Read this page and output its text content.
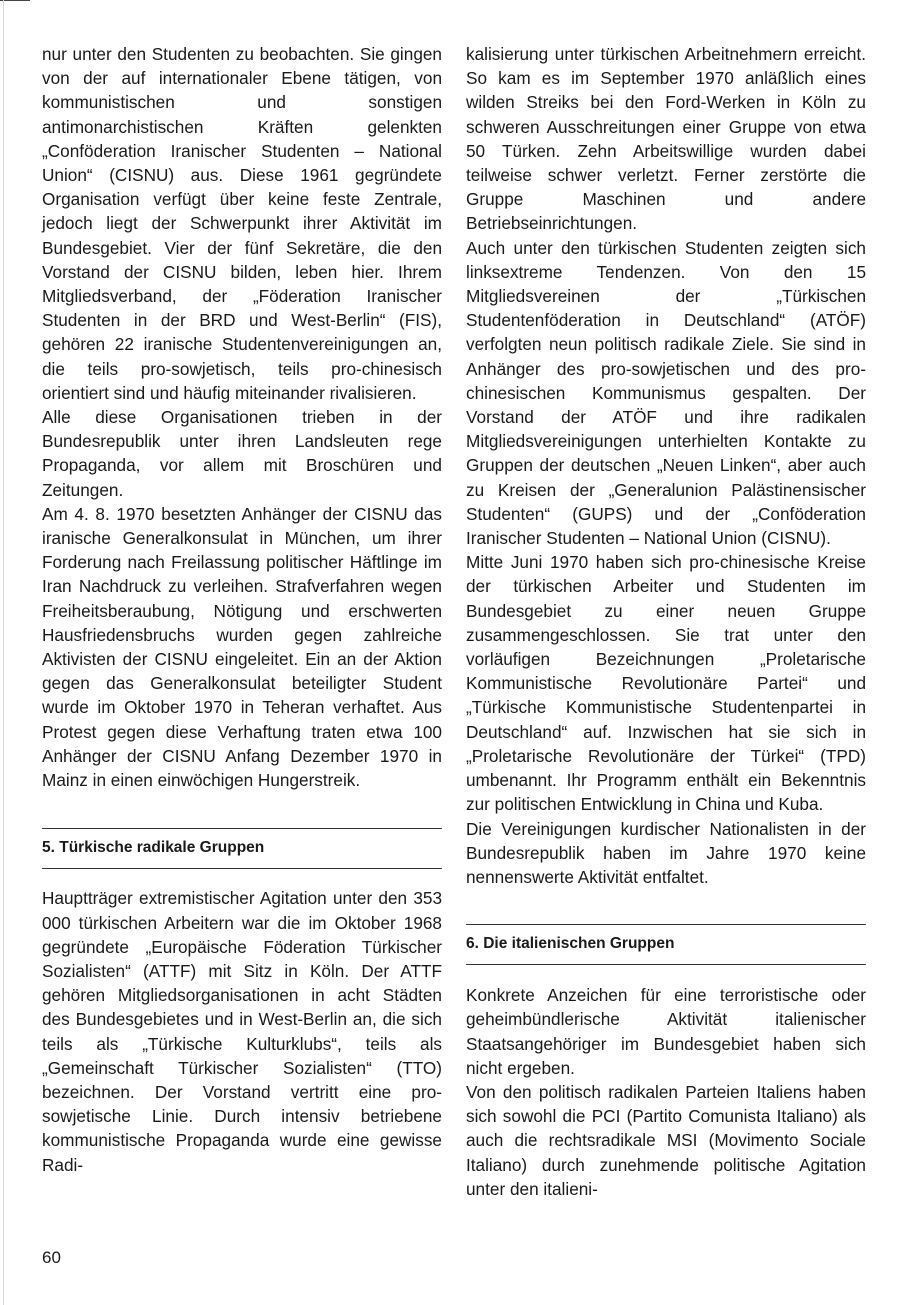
nur unter den Studenten zu beobachten. Sie gingen von der auf internationaler Ebene tätigen, von kommunistischen und sonstigen antimonarchistischen Kräften gelenkten „Conföderation Iranischer Studenten – National Union“ (CISNU) aus. Diese 1961 gegründete Organisation verfügt über keine feste Zentrale, jedoch liegt der Schwerpunkt ihrer Aktivität im Bundesgebiet. Vier der fünf Sekretäre, die den Vorstand der CISNU bilden, leben hier. Ihrem Mitgliedsverband, der „Föderation Iranischer Studenten in der BRD und West-Berlin“ (FIS), gehören 22 iranische Studentenvereinigungen an, die teils pro-sowjetisch, teils pro-chinesisch orientiert sind und häufig miteinander rivalisieren.

Alle diese Organisationen trieben in der Bundesrepublik unter ihren Landsleuten rege Propaganda, vor allem mit Broschüren und Zeitungen.

Am 4. 8. 1970 besetzten Anhänger der CISNU das iranische Generalkonsulat in München, um ihrer Forderung nach Freilassung politischer Häftlinge im Iran Nachdruck zu verleihen. Strafverfahren wegen Freiheitsberaubung, Nötigung und erschwerten Hausfriedensbruchs wurden gegen zahlreiche Aktivisten der CISNU eingeleitet. Ein an der Aktion gegen das Generalkonsulat beteiligter Student wurde im Oktober 1970 in Teheran verhaftet. Aus Protest gegen diese Verhaftung traten etwa 100 Anhänger der CISNU Anfang Dezember 1970 in Mainz in einen einwöchigen Hungerstreik.

5. Türkische radikale Gruppen

Hauptträger extremistischer Agitation unter den 353 000 türkischen Arbeitern war die im Oktober 1968 gegründete „Europäische Föderation Türkischer Sozialisten“ (ATTF) mit Sitz in Köln. Der ATTF gehören Mitgliedsorganisationen in acht Städten des Bundesgebietes und in West-Berlin an, die sich teils als „Türkische Kulturklubs“, teils als „Gemeinschaft Türkischer Sozialisten“ (TTO) bezeichnen. Der Vorstand vertritt eine pro-sowjetische Linie. Durch intensiv betriebene kommunistische Propaganda wurde eine gewisse Radi-

kalisierung unter türkischen Arbeitnehmern erreicht. So kam es im September 1970 anläßlich eines wilden Streiks bei den Ford-Werken in Köln zu schweren Ausschreitungen einer Gruppe von etwa 50 Türken. Zehn Arbeitswillige wurden dabei teilweise schwer verletzt. Ferner zerstörte die Gruppe Maschinen und andere Betriebseinrichtungen.

Auch unter den türkischen Studenten zeigten sich linksextreme Tendenzen. Von den 15 Mitgliedsvereinen der „Türkischen Studentenföderation in Deutschland“ (ATÖF) verfolgten neun politisch radikale Ziele. Sie sind in Anhänger des pro-sowjetischen und des pro-chinesischen Kommunismus gespalten. Der Vorstand der ATÖF und ihre radikalen Mitgliedsvereinigungen unterhielten Kontakte zu Gruppen der deutschen „Neuen Linken“, aber auch zu Kreisen der „Generalunion Palästinensischer Studenten“ (GUPS) und der „Conföderation Iranischer Studenten – National Union (CISNU).

Mitte Juni 1970 haben sich pro-chinesische Kreise der türkischen Arbeiter und Studenten im Bundesgebiet zu einer neuen Gruppe zusammengeschlossen. Sie trat unter den vorläufigen Bezeichnungen „Proletarische Kommunistische Revolutionäre Partei“ und „Türkische Kommunistische Studentenpartei in Deutschland“ auf. Inzwischen hat sie sich in „Proletarische Revolutionäre der Türkei“ (TPD) umbenannt. Ihr Programm enthält ein Bekenntnis zur politischen Entwicklung in China und Kuba.

Die Vereinigungen kurdischer Nationalisten in der Bundesrepublik haben im Jahre 1970 keine nennenswerte Aktivität entfaltet.

6. Die italienischen Gruppen

Konkrete Anzeichen für eine terroristische oder geheimbündlerische Aktivität italienischer Staatsangehöriger im Bundesgebiet haben sich nicht ergeben.

Von den politisch radikalen Parteien Italiens haben sich sowohl die PCI (Partito Comunista Italiano) als auch die rechtsradikale MSI (Movimento Sociale Italiano) durch zunehmende politische Agitation unter den italieni-

60
